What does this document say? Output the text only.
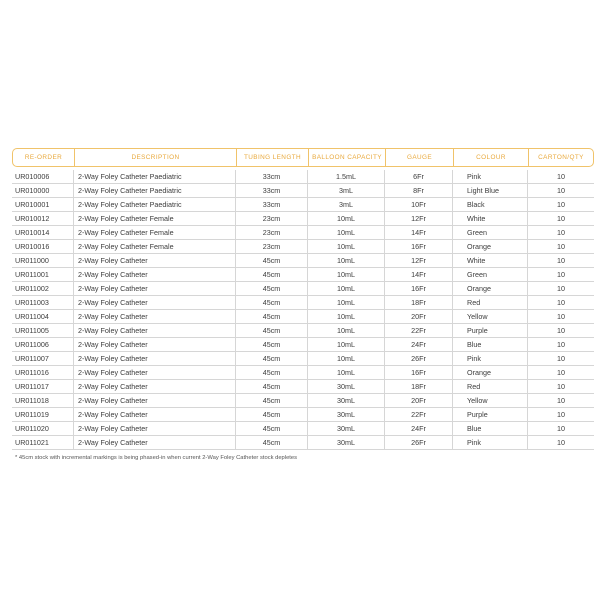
RE-ORDER	DESCRIPTION	TUBING LENGTH	BALLOON CAPACITY	GAUGE	COLOUR	CARTON/QTY

UR010006	2-Way Foley Catheter Paediatric	33cm	1.5mL	6Fr	Pink	10
UR010000	2-Way Foley Catheter Paediatric	33cm	3mL	8Fr	Light Blue	10
UR010001	2-Way Foley Catheter Paediatric	33cm	3mL	10Fr	Black	10
UR010012	2-Way Foley Catheter Female	23cm	10mL	12Fr	White	10
UR010014	2-Way Foley Catheter Female	23cm	10mL	14Fr	Green	10
UR010016	2-Way Foley Catheter Female	23cm	10mL	16Fr	Orange	10
UR011000	2-Way Foley Catheter	45cm	10mL	12Fr	White	10
UR011001	2-Way Foley Catheter	45cm	10mL	14Fr	Green	10
UR011002	2-Way Foley Catheter	45cm	10mL	16Fr	Orange	10
UR011003	2-Way Foley Catheter	45cm	10mL	18Fr	Red	10
UR011004	2-Way Foley Catheter	45cm	10mL	20Fr	Yellow	10
UR011005	2-Way Foley Catheter	45cm	10mL	22Fr	Purple	10
UR011006	2-Way Foley Catheter	45cm	10mL	24Fr	Blue	10
UR011007	2-Way Foley Catheter	45cm	10mL	26Fr	Pink	10
UR011016	2-Way Foley Catheter	45cm	10mL	16Fr	Orange	10
UR011017	2-Way Foley Catheter	45cm	30mL	18Fr	Red	10
UR011018	2-Way Foley Catheter	45cm	30mL	20Fr	Yellow	10
UR011019	2-Way Foley Catheter	45cm	30mL	22Fr	Purple	10
UR011020	2-Way Foley Catheter	45cm	30mL	24Fr	Blue	10
UR011021	2-Way Foley Catheter	45cm	30mL	26Fr	Pink	10
* 45cm stock with incremental markings is being phased-in when current 2-Way Foley Catheter stock depletes
